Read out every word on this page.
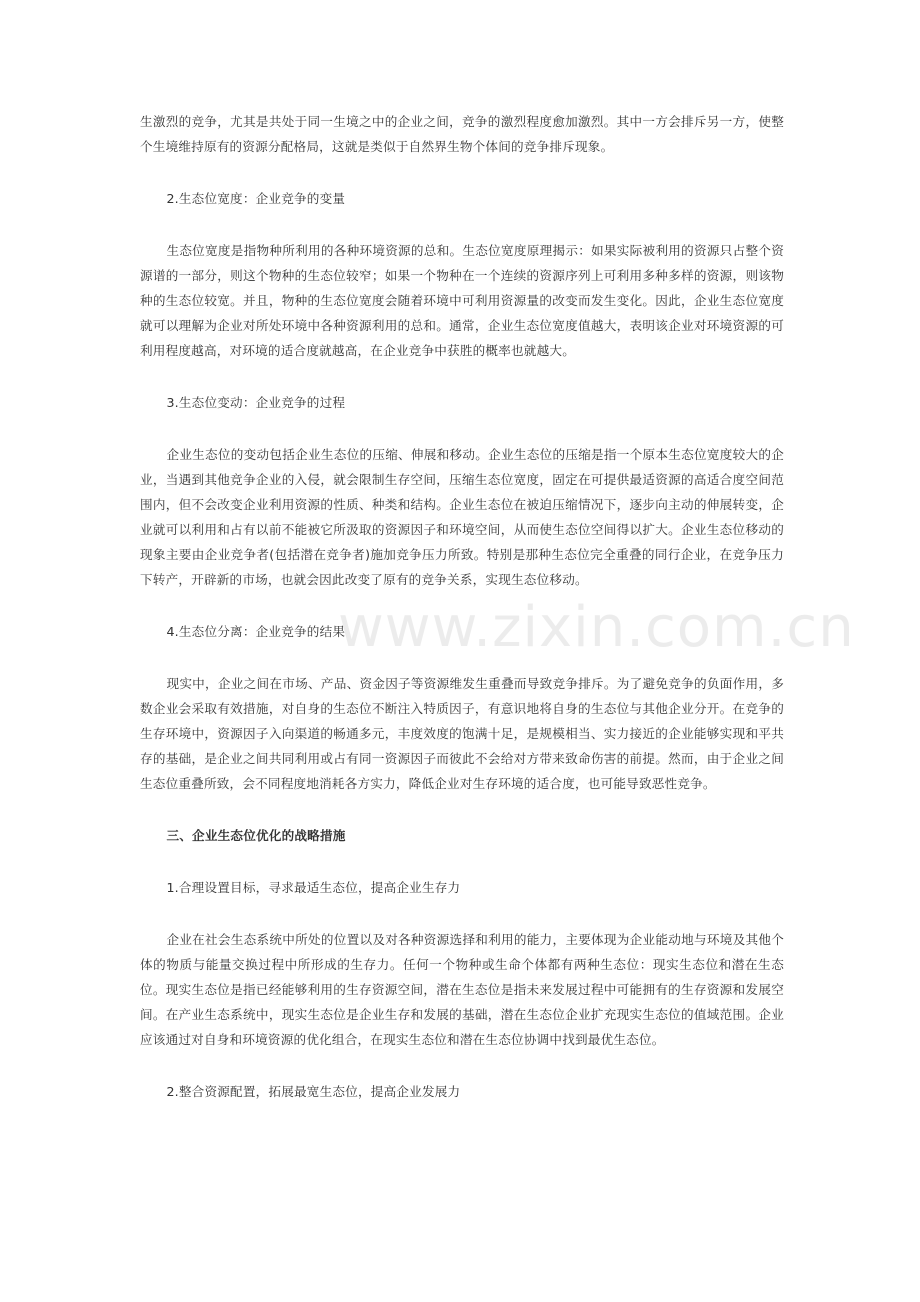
生激烈的竞争，尤其是共处于同一生境之中的企业之间，竞争的激烈程度愈加激烈。其中一方会排斥另一方，使整个生境维持原有的资源分配格局，这就是类似于自然界生物个体间的竞争排斥现象。

2.生态位宽度：企业竞争的变量

生态位宽度是指物种所利用的各种环境资源的总和。生态位宽度原理揭示：如果实际被利用的资源只占整个资源谱的一部分，则这个物种的生态位较窄；如果一个物种在一个连续的资源序列上可利用多种多样的资源，则该物种的生态位较宽。并且，物种的生态位宽度会随着环境中可利用资源量的改变而发生变化。因此，企业生态位宽度就可以理解为企业对所处环境中各种资源利用的总和。通常，企业生态位宽度值越大，表明该企业对环境资源的可利用程度越高，对环境的适合度就越高，在企业竞争中获胜的概率也就越大。

3.生态位变动：企业竞争的过程

企业生态位的变动包括企业生态位的压缩、伸展和移动。企业生态位的压缩是指一个原本生态位宽度较大的企业，当遇到其他竞争企业的入侵，就会限制生存空间，压缩生态位宽度，固定在可提供最适资源的高适合度空间范围内，但不会改变企业利用资源的性质、种类和结构。企业生态位在被迫压缩情况下，逐步向主动的伸展转变，企业就可以利用和占有以前不能被它所汲取的资源因子和环境空间，从而使生态位空间得以扩大。企业生态位移动的现象主要由企业竞争者(包括潜在竞争者)施加竞争压力所致。特别是那种生态位完全重叠的同行企业，在竞争压力下转产，开辟新的市场，也就会因此改变了原有的竞争关系，实现生态位移动。

4.生态位分离：企业竞争的结果

现实中，企业之间在市场、产品、资金因子等资源维发生重叠而导致竞争排斥。为了避免竞争的负面作用，多数企业会采取有效措施，对自身的生态位不断注入特质因子，有意识地将自身的生态位与其他企业分开。在竞争的生存环境中，资源因子入向渠道的畅通多元，丰度效度的饱满十足，是规模相当、实力接近的企业能够实现和平共存的基础，是企业之间共同利用或占有同一资源因子而彼此不会给对方带来致命伤害的前提。然而，由于企业之间生态位重叠所致，会不同程度地消耗各方实力，降低企业对生存环境的适合度，也可能导致恶性竞争。

三、企业生态位优化的战略措施

1.合理设置目标，寻求最适生态位，提高企业生存力

企业在社会生态系统中所处的位置以及对各种资源选择和利用的能力，主要体现为企业能动地与环境及其他个体的物质与能量交换过程中所形成的生存力。任何一个物种或生命个体都有两种生态位：现实生态位和潜在生态位。现实生态位是指已经能够利用的生存资源空间，潜在生态位是指未来发展过程中可能拥有的生存资源和发展空间。在产业生态系统中，现实生态位是企业生存和发展的基础，潜在生态位企业扩充现实生态位的值域范围。企业应该通过对自身和环境资源的优化组合，在现实生态位和潜在生态位协调中找到最优生态位。

2.整合资源配置，拓展最宽生态位，提高企业发展力

www.zixin.com.cn
